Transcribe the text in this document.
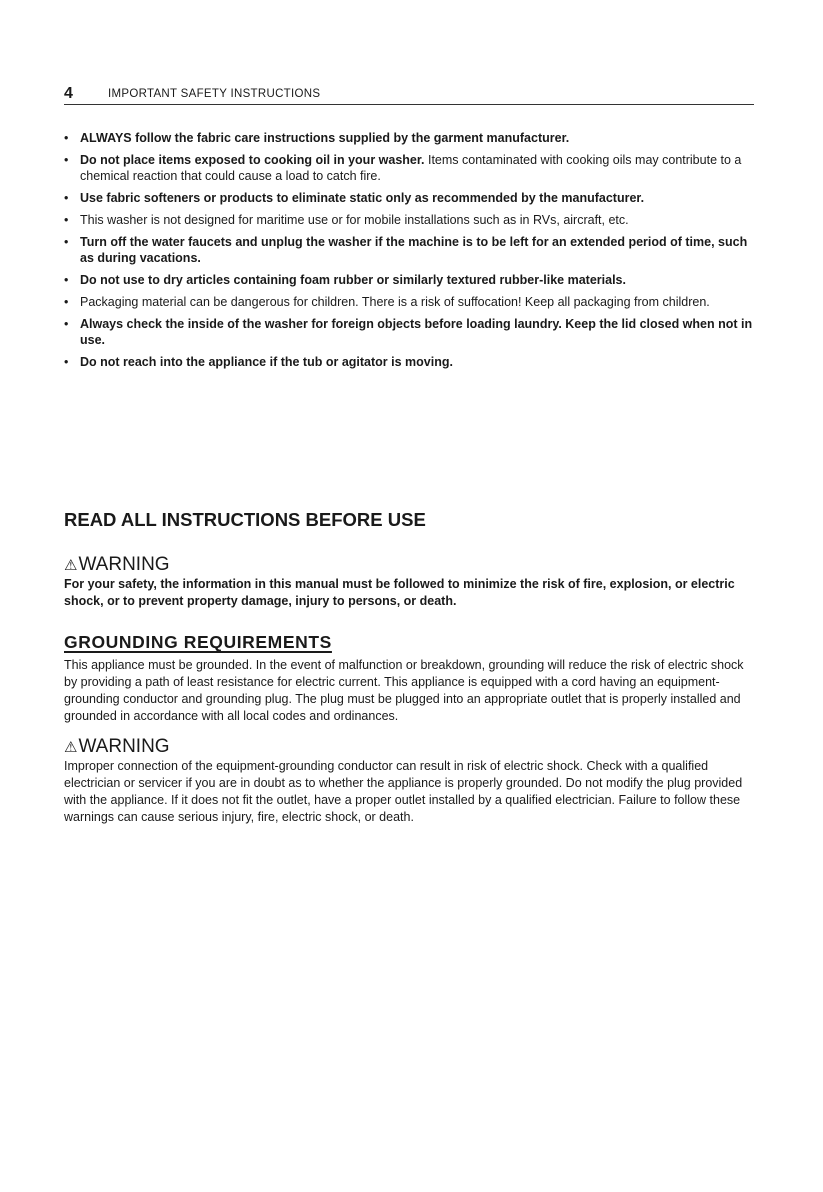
4	IMPORTANT SAFETY INSTRUCTIONS
• ALWAYS follow the fabric care instructions supplied by the garment manufacturer.
• Do not place items exposed to cooking oil in your washer. Items contaminated with cooking oils may contribute to a chemical reaction that could cause a load to catch fire.
• Use fabric softeners or products to eliminate static only as recommended by the manufacturer.
• This washer is not designed for maritime use or for mobile installations such as in RVs, aircraft, etc.
• Turn off the water faucets and unplug the washer if the machine is to be left for an extended period of time, such as during vacations.
• Do not use to dry articles containing foam rubber or similarly textured rubber-like materials.
• Packaging material can be dangerous for children. There is a risk of suffocation! Keep all packaging from children.
• Always check the inside of the washer for foreign objects before loading laundry. Keep the lid closed when not in use.
• Do not reach into the appliance if the tub or agitator is moving.
READ ALL INSTRUCTIONS BEFORE USE
⚠WARNING

For your safety, the information in this manual must be followed to minimize the risk of fire, explosion, or electric shock, or to prevent property damage, injury to persons, or death.

GROUNDING REQUIREMENTS

This appliance must be grounded. In the event of malfunction or breakdown, grounding will reduce the risk of electric shock by providing a path of least resistance for electric current. This appliance is equipped with a cord having an equipment-grounding conductor and grounding plug. The plug must be plugged into an appropriate outlet that is properly installed and grounded in accordance with all local codes and ordinances.

⚠WARNING

Improper connection of the equipment-grounding conductor can result in risk of electric shock. Check with a qualified electrician or servicer if you are in doubt as to whether the appliance is properly grounded. Do not modify the plug provided with the appliance. If it does not fit the outlet, have a proper outlet installed by a qualified electrician. Failure to follow these warnings can cause serious injury, fire, electric shock, or death.
